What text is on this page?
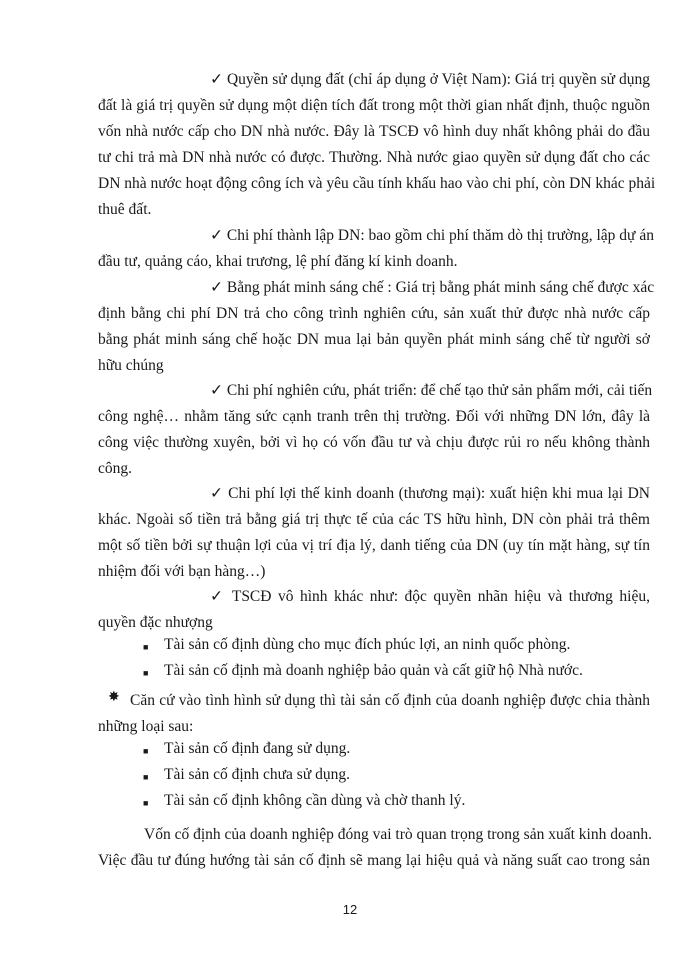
✓ Quyền sử dụng đất (chỉ áp dụng ở Việt Nam): Giá trị quyền sử dụng
đất là giá trị quyền sử dụng một diện tích đất trong một thời gian nhất định, thuộc nguồn
vốn nhà nước cấp cho DN nhà nước. Đây là TSCĐ vô hình duy nhất không phải do đầu
tư chi trả mà DN nhà nước có được. Thường. Nhà nước giao quyền sử dụng đất cho các
DN nhà nước hoạt động công ích và yêu cầu tính khấu hao vào chi phí, còn DN khác phải
thuê đất.
✓ Chi phí thành lập DN: bao gồm chi phí thăm dò thị trường, lập dự án
đầu tư, quảng cáo, khai trương, lệ phí đăng kí kinh doanh.
✓ Bằng phát minh sáng chế : Giá trị bằng phát minh sáng chế được xác
định bằng chi phí DN trả cho công trình nghiên cứu, sản xuất thử được nhà nước cấp
bằng phát minh sáng chế hoặc DN mua lại bản quyền phát minh sáng chế từ người sở
hữu chúng
✓ Chi phí nghiên cứu, phát triển: để chế tạo thử sản phẩm mới, cải tiến
công nghệ… nhằm tăng sức cạnh tranh trên thị trường. Đối với những DN lớn, đây là
công việc thường xuyên, bởi vì họ có vốn đầu tư và chịu được rủi ro nếu không thành
công.
✓ Chi phí lợi thế kinh doanh (thương mại): xuất hiện khi mua lại DN
khác. Ngoài số tiền trả bằng giá trị thực tế của các TS hữu hình, DN còn phải trả thêm
một số tiền bởi sự thuận lợi của vị trí địa lý, danh tiếng của DN (uy tín mặt hàng, sự tín
nhiệm đối với bạn hàng…)
✓ TSCĐ vô hình khác như: độc quyền nhãn hiệu và thương hiệu,
quyền đặc nhượng
■ Tài sản cố định dùng cho mục đích phúc lợi, an ninh quốc phòng.
■ Tài sản cố định mà doanh nghiệp bảo quản và cất giữ hộ Nhà nước.
✸ Căn cứ vào tình hình sử dụng thì tài sản cố định của doanh nghiệp được chia thành
những loại sau:
■ Tài sản cố định đang sử dụng.
■ Tài sản cố định chưa sử dụng.
■ Tài sản cố định không cần dùng và chờ thanh lý.
Vốn cố định của doanh nghiệp đóng vai trò quan trọng trong sản xuất kinh doanh.
Việc đầu tư đúng hướng tài sản cố định sẽ mang lại hiệu quả và năng suất cao trong sản
12
